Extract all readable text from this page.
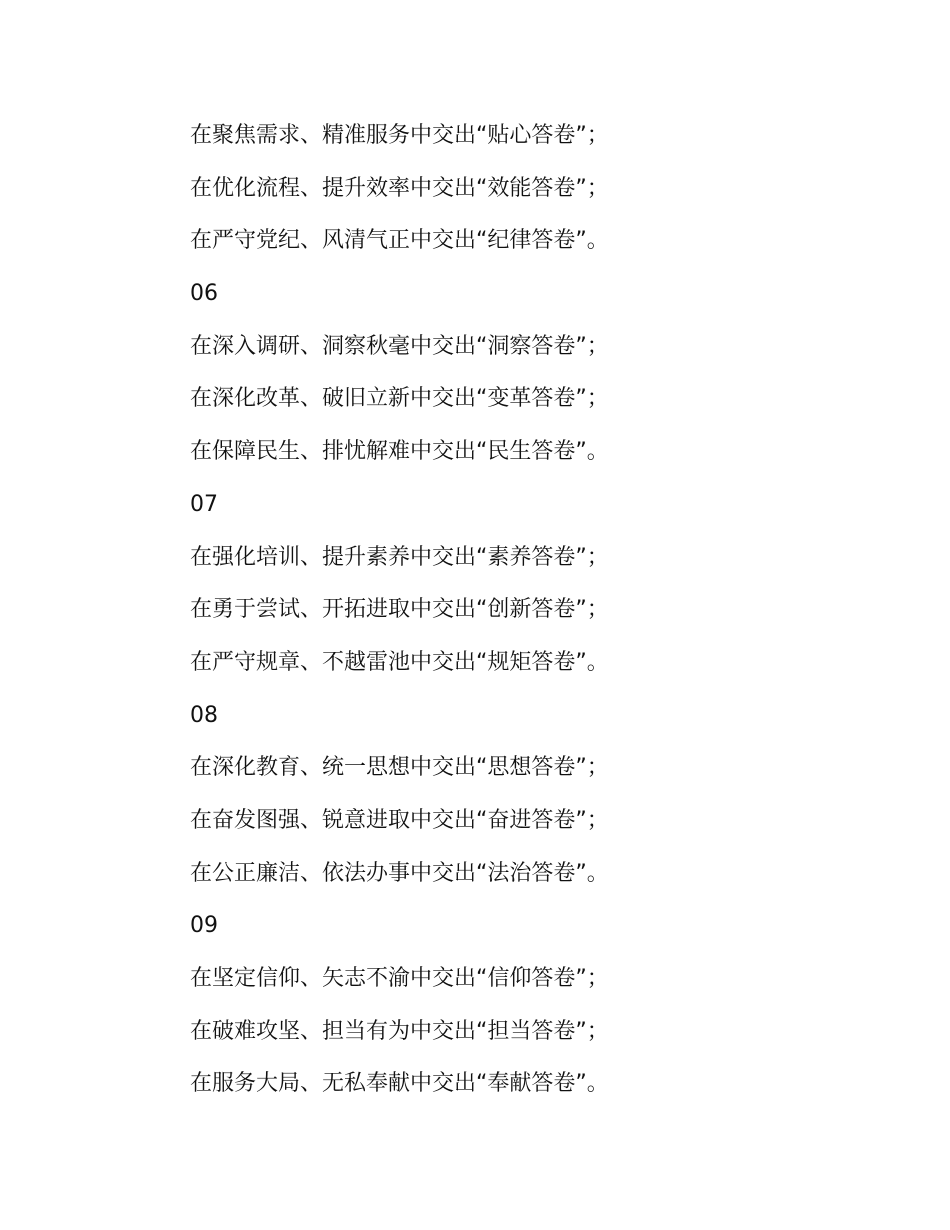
在聚焦需求、精准服务中交出“贴心答卷”；
在优化流程、提升效率中交出“效能答卷”；
在严守党纪、风清气正中交出“纪律答卷”。
06
在深入调研、洞察秋毫中交出“洞察答卷”；
在深化改革、破旧立新中交出“变革答卷”；
在保障民生、排忧解难中交出“民生答卷”。
07
在强化培训、提升素养中交出“素养答卷”；
在勇于尝试、开拓进取中交出“创新答卷”；
在严守规章、不越雷池中交出“规矩答卷”。
08
在深化教育、统一思想中交出“思想答卷”；
在奋发图强、锐意进取中交出“奋进答卷”；
在公正廉洁、依法办事中交出“法治答卷”。
09
在坚定信仰、矢志不渝中交出“信仰答卷”；
在破难攻坚、担当有为中交出“担当答卷”；
在服务大局、无私奉献中交出“奉献答卷”。
